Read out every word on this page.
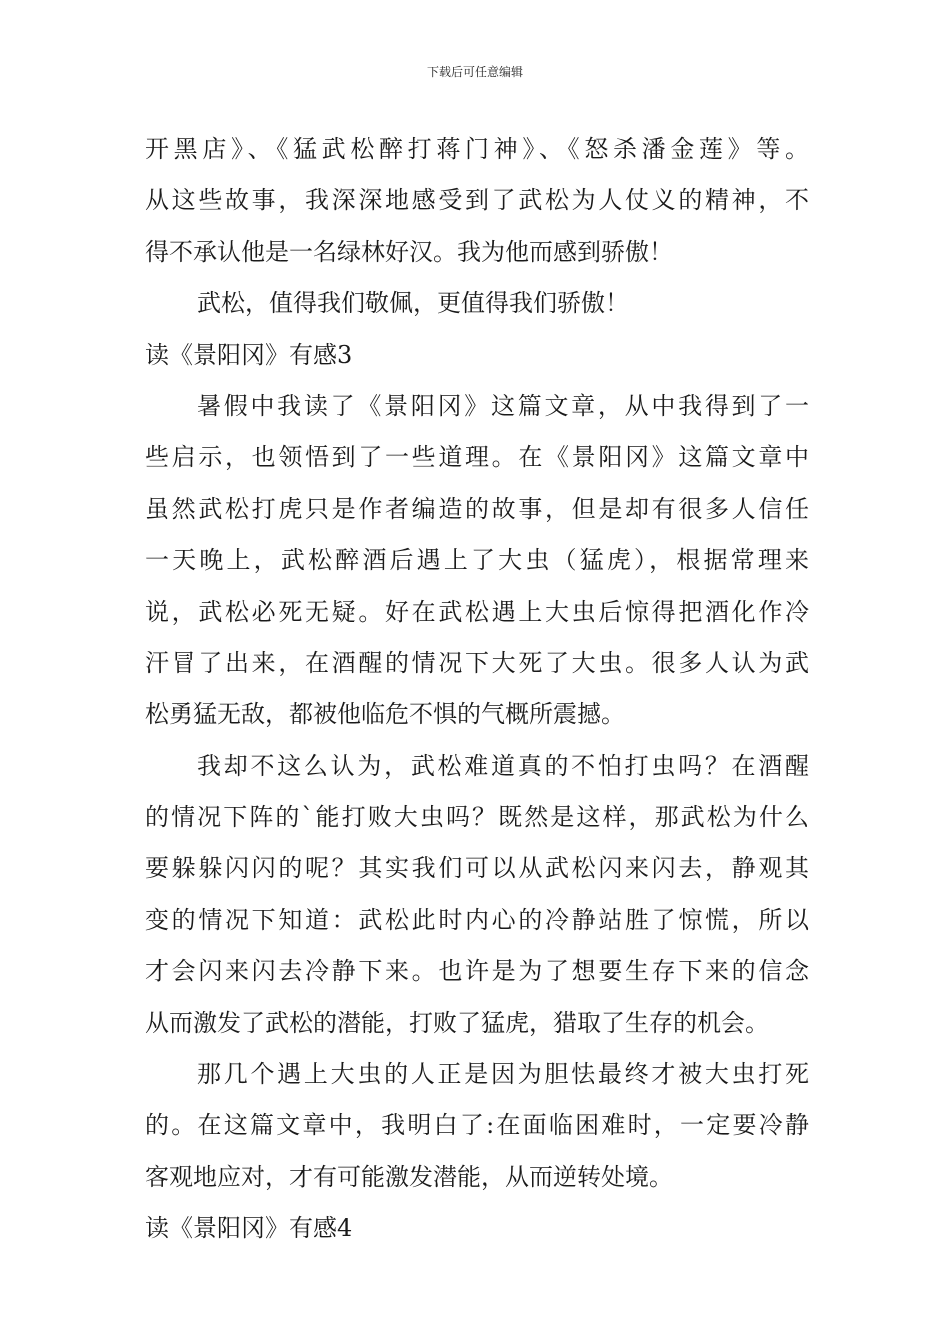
下载后可任意编辑
开黑店》、《猛武松醉打蒋门神》、《怒杀潘金莲》等。
从这些故事，我深深地感受到了武松为人仗义的精神，不
得不承认他是一名绿林好汉。我为他而感到骄傲！
武松，值得我们敬佩，更值得我们骄傲！
读《景阳冈》有感3
暑假中我读了《景阳冈》这篇文章，从中我得到了一
些启示，也领悟到了一些道理。在《景阳冈》这篇文章中
虽然武松打虎只是作者编造的故事，但是却有很多人信任
一天晚上，武松醉酒后遇上了大虫（猛虎），根据常理来
说，武松必死无疑。好在武松遇上大虫后惊得把酒化作冷
汗冒了出来，在酒醒的情况下大死了大虫。很多人认为武
松勇猛无敌，都被他临危不惧的气概所震撼。
我却不这么认为，武松难道真的不怕打虫吗？在酒醒
的情况下阵的`能打败大虫吗？既然是这样，那武松为什么
要躲躲闪闪的呢？其实我们可以从武松闪来闪去，静观其
变的情况下知道：武松此时内心的冷静站胜了惊慌，所以
才会闪来闪去冷静下来。也许是为了想要生存下来的信念
从而激发了武松的潜能，打败了猛虎，猎取了生存的机会。
那几个遇上大虫的人正是因为胆怯最终才被大虫打死
的。在这篇文章中，我明白了:在面临困难时，一定要冷静
客观地应对，才有可能激发潜能，从而逆转处境。
读《景阳冈》有感4
